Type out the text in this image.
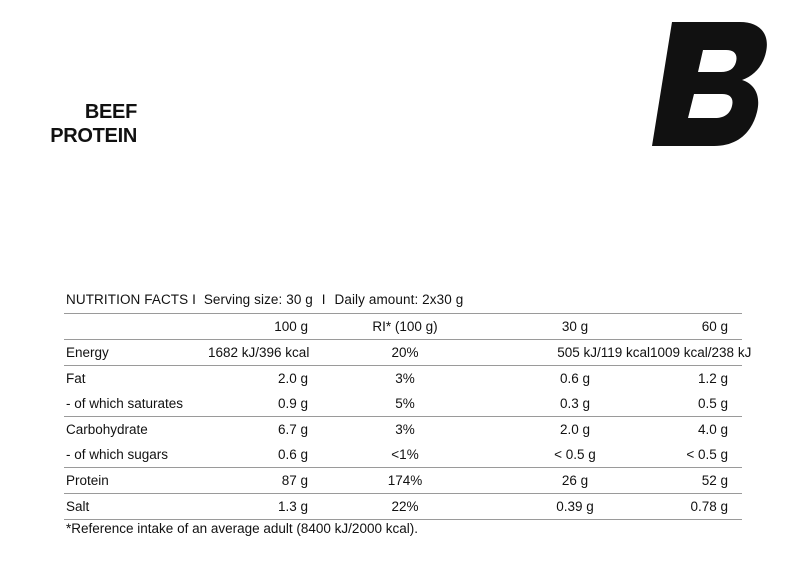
BEEF
PROTEIN
NUTRITION FACTS I Serving size: 30 g I Daily amount: 2x30 g
	100 g	RI* (100 g)	30 g	60 g
Energy	1682 kJ/396 kcal	20%	505 kJ/119 kcal	1009 kcal/238 kJ
Fat	2.0 g	3%	0.6 g	1.2 g
- of which saturates	0.9 g	5%	0.3 g	0.5 g
Carbohydrate	6.7 g	3%	2.0 g	4.0 g
- of which sugars	0.6 g	<1%	< 0.5 g	< 0.5 g
Protein	87 g	174%	26 g	52 g
Salt	1.3 g	22%	0.39 g	0.78 g
*Reference intake of an average adult (8400 kJ/2000 kcal).
